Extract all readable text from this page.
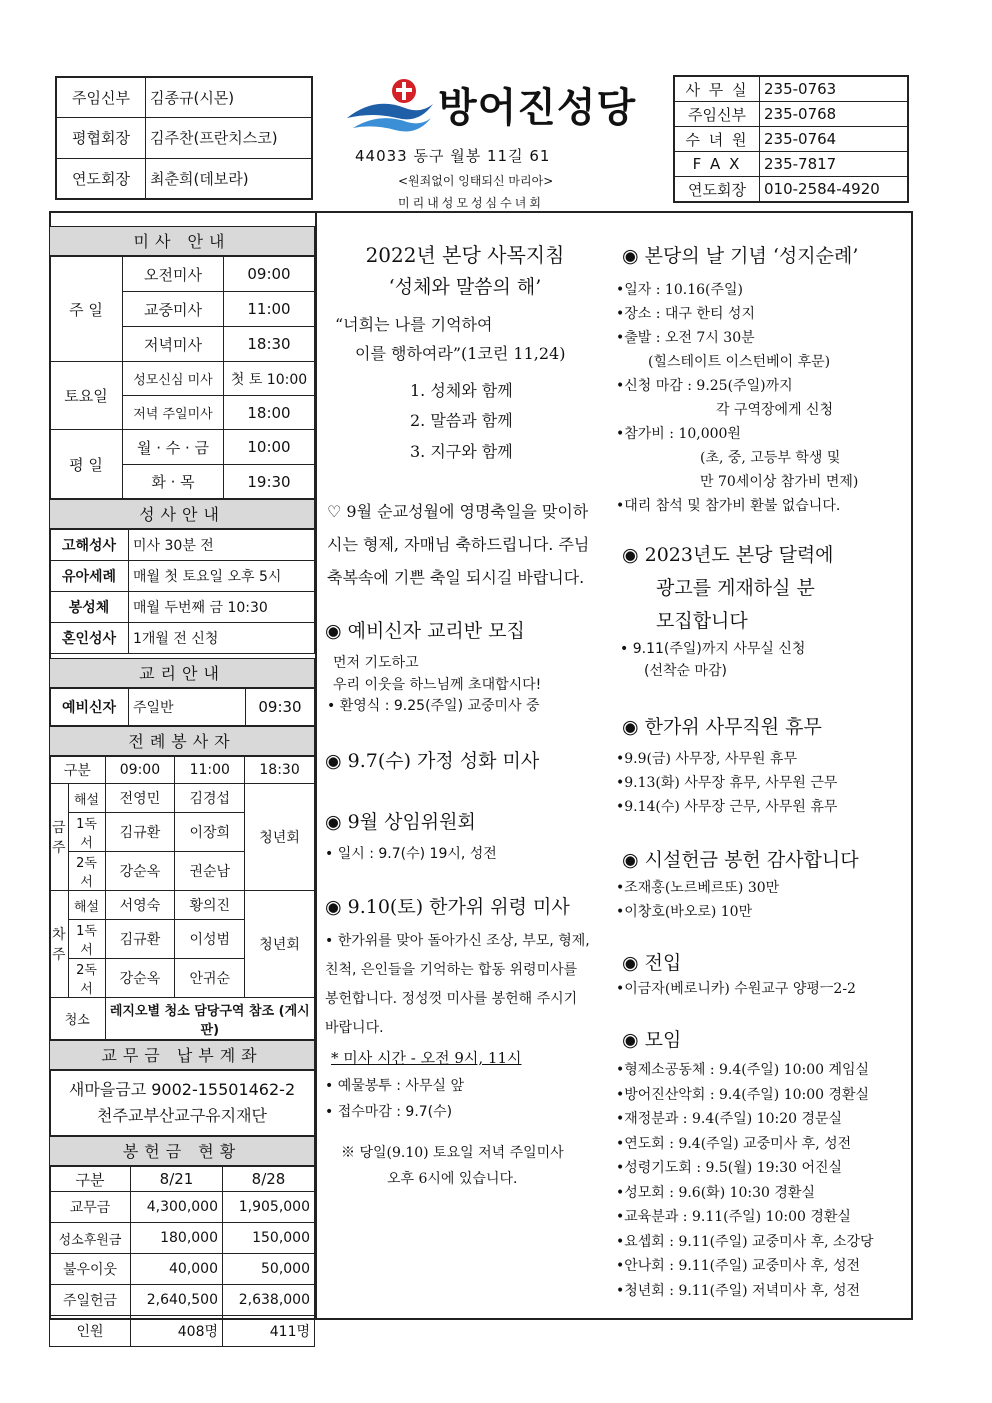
주임신부	김종규(시몬)
평협회장	김주찬(프란치스코)
연도회장	최춘희(데보라)
방어진성당
44033 동구 월봉 11길 61
<원죄없이 잉태되신 마리아>
미리내성모성심수녀회
사 무 실	235-0763
주임신부	235-0768
수 녀 원	235-0764
F A X	235-7817
연도회장	010-2584-4920
미사 안내
주 일	오전미사	09:00
	교중미사	11:00
	저녁미사	18:30
토요일	성모신심 미사	첫 토 10:00
	저녁 주일미사	18:00
평 일	월 · 수 · 금	10:00
	화 · 목	19:30
성사안내
고해성사	미사 30분 전
유아세례	매월 첫 토요일 오후 5시
봉성체	매월 두번째 금 10:30
혼인성사	1개월 전 신청
교리안내
예비신자	주일반	09:30
전례봉사자
구분		09:00	11:00	18:30
금주	해설	전영민	김경섭	청년회
	1독서	김규환	이장희	
	2독서	강순옥	권순남	
차주	해설	서영숙	황의진	청년회
	1독서	김규환	이성범	
	2독서	강순옥	안귀순	
청소		레지오별 청소 담당구역 참조 (게시판)		
교무금 납부계좌
새마을금고 9002-15501462-2
천주교부산교구유지재단
봉헌금 현황
구분	8/21	8/28
교무금	4,300,000	1,905,000
성소후원금	180,000	150,000
불우이웃	40,000	50,000
주일헌금	2,640,500	2,638,000
인원	408명	411명
2022년 본당 사목지침
‘성체와 말씀의 해’
“너희는 나를 기억하여
이를 행하여라”(1코린 11,24)
1. 성체와 함께
2. 말씀과 함께
3. 지구와 함께
♡ 9월 순교성월에 영명축일을 맞이하시는 형제, 자매님 축하드립니다. 주님 축복속에 기쁜 축일 되시길 바랍니다.
◉ 예비신자 교리반 모집
먼저 기도하고
우리 이웃을 하느님께 초대합시다!
• 환영식 : 9.25(주일) 교중미사 중
◉ 9.7(수) 가정 성화 미사
◉ 9월 상임위원회
• 일시 : 9.7(수) 19시, 성전
◉ 9.10(토) 한가위 위령 미사
• 한가위를 맞아 돌아가신 조상, 부모, 형제, 친척, 은인들을 기억하는 합동 위령미사를 봉헌합니다. 정성껏 미사를 봉헌해 주시기 바랍니다.
* 미사 시간 - 오전 9시, 11시
• 예물봉투 : 사무실 앞
• 접수마감 : 9.7(수)
※ 당일(9.10) 토요일 저녁 주일미사
오후 6시에 있습니다.
◉ 본당의 날 기념 ‘성지순례’
•일자 : 10.16(주일)
•장소 : 대구 한티 성지
•출발 : 오전 7시 30분
(힐스테이트 이스턴베이 후문)
•신청 마감 : 9.25(주일)까지
각 구역장에게 신청
•참가비 : 10,000원
(초, 중, 고등부 학생 및
만 70세이상 참가비 면제)
•대리 참석 및 참가비 환불 없습니다.
◉ 2023년도 본당 달력에
광고를 게재하실 분
모집합니다
• 9.11(주일)까지 사무실 신청
(선착순 마감)
◉ 한가위 사무직원 휴무
•9.9(금) 사무장, 사무원 휴무
•9.13(화) 사무장 휴무, 사무원 근무
•9.14(수) 사무장 근무, 사무원 휴무
◉ 시설헌금 봉헌 감사합니다
•조재홍(노르베르또) 30만
•이창호(바오로) 10만
◉ 전입
•이금자(베로니카) 수원교구 양평ㅡ2-2
◉ 모임
•형제소공동체 : 9.4(주일) 10:00 계임실
•방어진산악회 : 9.4(주일) 10:00 경환실
•재정분과 : 9.4(주일) 10:20 경문실
•연도회 : 9.4(주일) 교중미사 후, 성전
•성령기도회 : 9.5(월) 19:30 어진실
•성모회 : 9.6(화) 10:30 경환실
•교육분과 : 9.11(주일) 10:00 경환실
•요셉회 : 9.11(주일) 교중미사 후, 소강당
•안나회 : 9.11(주일) 교중미사 후, 성전
•청년회 : 9.11(주일) 저녁미사 후, 성전
